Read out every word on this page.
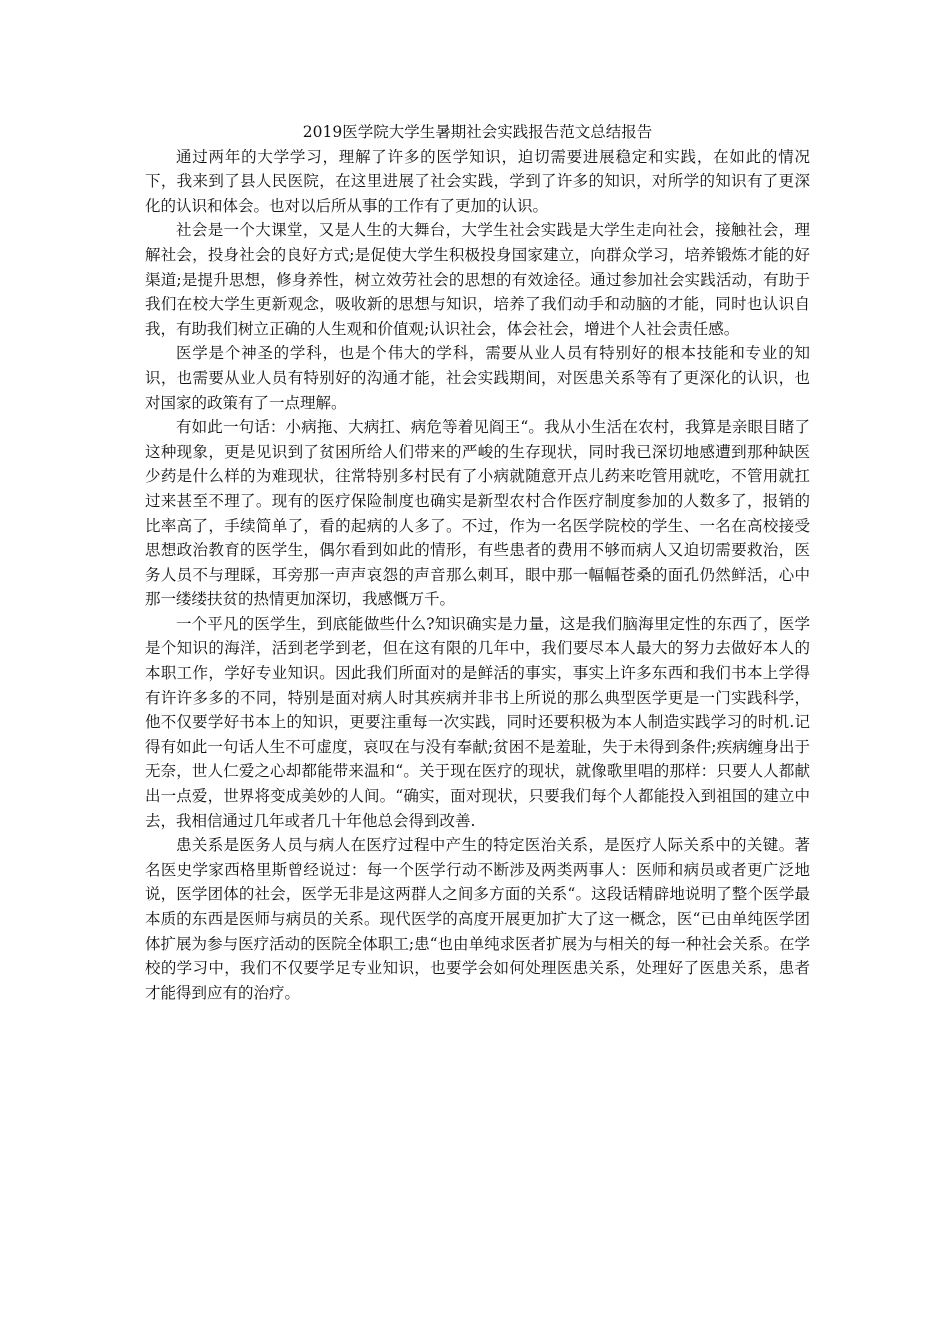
2019医学院大学生暑期社会实践报告范文总结报告

通过两年的大学学习，理解了许多的医学知识，迫切需要进展稳定和实践，在如此的情况下，我来到了县人民医院，在这里进展了社会实践，学到了许多的知识，对所学的知识有了更深化的认识和体会。也对以后所从事的工作有了更加的认识。

社会是一个大课堂，又是人生的大舞台，大学生社会实践是大学生走向社会，接触社会，理解社会，投身社会的良好方式;是促使大学生积极投身国家建立，向群众学习，培养锻炼才能的好渠道;是提升思想，修身养性，树立效劳社会的思想的有效途径。通过参加社会实践活动，有助于我们在校大学生更新观念，吸收新的思想与知识，培养了我们动手和动脑的才能，同时也认识自我，有助我们树立正确的人生观和价值观;认识社会，体会社会，增进个人社会责任感。

医学是个神圣的学科，也是个伟大的学科，需要从业人员有特别好的根本技能和专业的知识，也需要从业人员有特别好的沟通才能，社会实践期间，对医患关系等有了更深化的认识，也对国家的政策有了一点理解。

有如此一句话：小病拖、大病扛、病危等着见阎王“。我从小生活在农村，我算是亲眼目睹了这种现象，更是见识到了贫困所给人们带来的严峻的生存现状，同时我已深切地感遭到那种缺医少药是什么样的为难现状，往常特别多村民有了小病就随意开点儿药来吃管用就吃，不管用就扛过来甚至不理了。现有的医疗保险制度也确实是新型农村合作医疗制度参加的人数多了，报销的比率高了，手续简单了，看的起病的人多了。不过，作为一名医学院校的学生、一名在高校接受思想政治教育的医学生，偶尔看到如此的情形，有些患者的费用不够而病人又迫切需要救治，医务人员不与理睬，耳旁那一声声哀怨的声音那么刺耳，眼中那一幅幅苍桑的面孔仍然鲜活，心中那一缕缕扶贫的热情更加深切，我感慨万千。

一个平凡的医学生，到底能做些什么?知识确实是力量，这是我们脑海里定性的东西了，医学是个知识的海洋，活到老学到老，但在这有限的几年中，我们要尽本人最大的努力去做好本人的本职工作，学好专业知识。因此我们所面对的是鲜活的事实，事实上许多东西和我们书本上学得有许许多多的不同，特别是面对病人时其疾病并非书上所说的那么典型医学更是一门实践科学，他不仅要学好书本上的知识，更要注重每一次实践，同时还要积极为本人制造实践学习的时机.记得有如此一句话人生不可虚度，哀叹在与没有奉献;贫困不是羞耻，失于未得到条件;疾病缠身出于无奈，世人仁爱之心却都能带来温和“。关于现在医疗的现状，就像歌里唱的那样：只要人人都献出一点爱，世界将变成美妙的人间。“确实，面对现状，只要我们每个人都能投入到祖国的建立中去，我相信通过几年或者几十年他总会得到改善.

患关系是医务人员与病人在医疗过程中产生的特定医治关系，是医疗人际关系中的关键。著名医史学家西格里斯曾经说过：每一个医学行动不断涉及两类两事人：医师和病员或者更广泛地说，医学团体的社会，医学无非是这两群人之间多方面的关系“。这段话精辟地说明了整个医学最本质的东西是医师与病员的关系。现代医学的高度开展更加扩大了这一概念，医“已由单纯医学团体扩展为参与医疗活动的医院全体职工;患“也由单纯求医者扩展为与相关的每一种社会关系。在学校的学习中，我们不仅要学足专业知识，也要学会如何处理医患关系，处理好了医患关系，患者才能得到应有的治疗。
